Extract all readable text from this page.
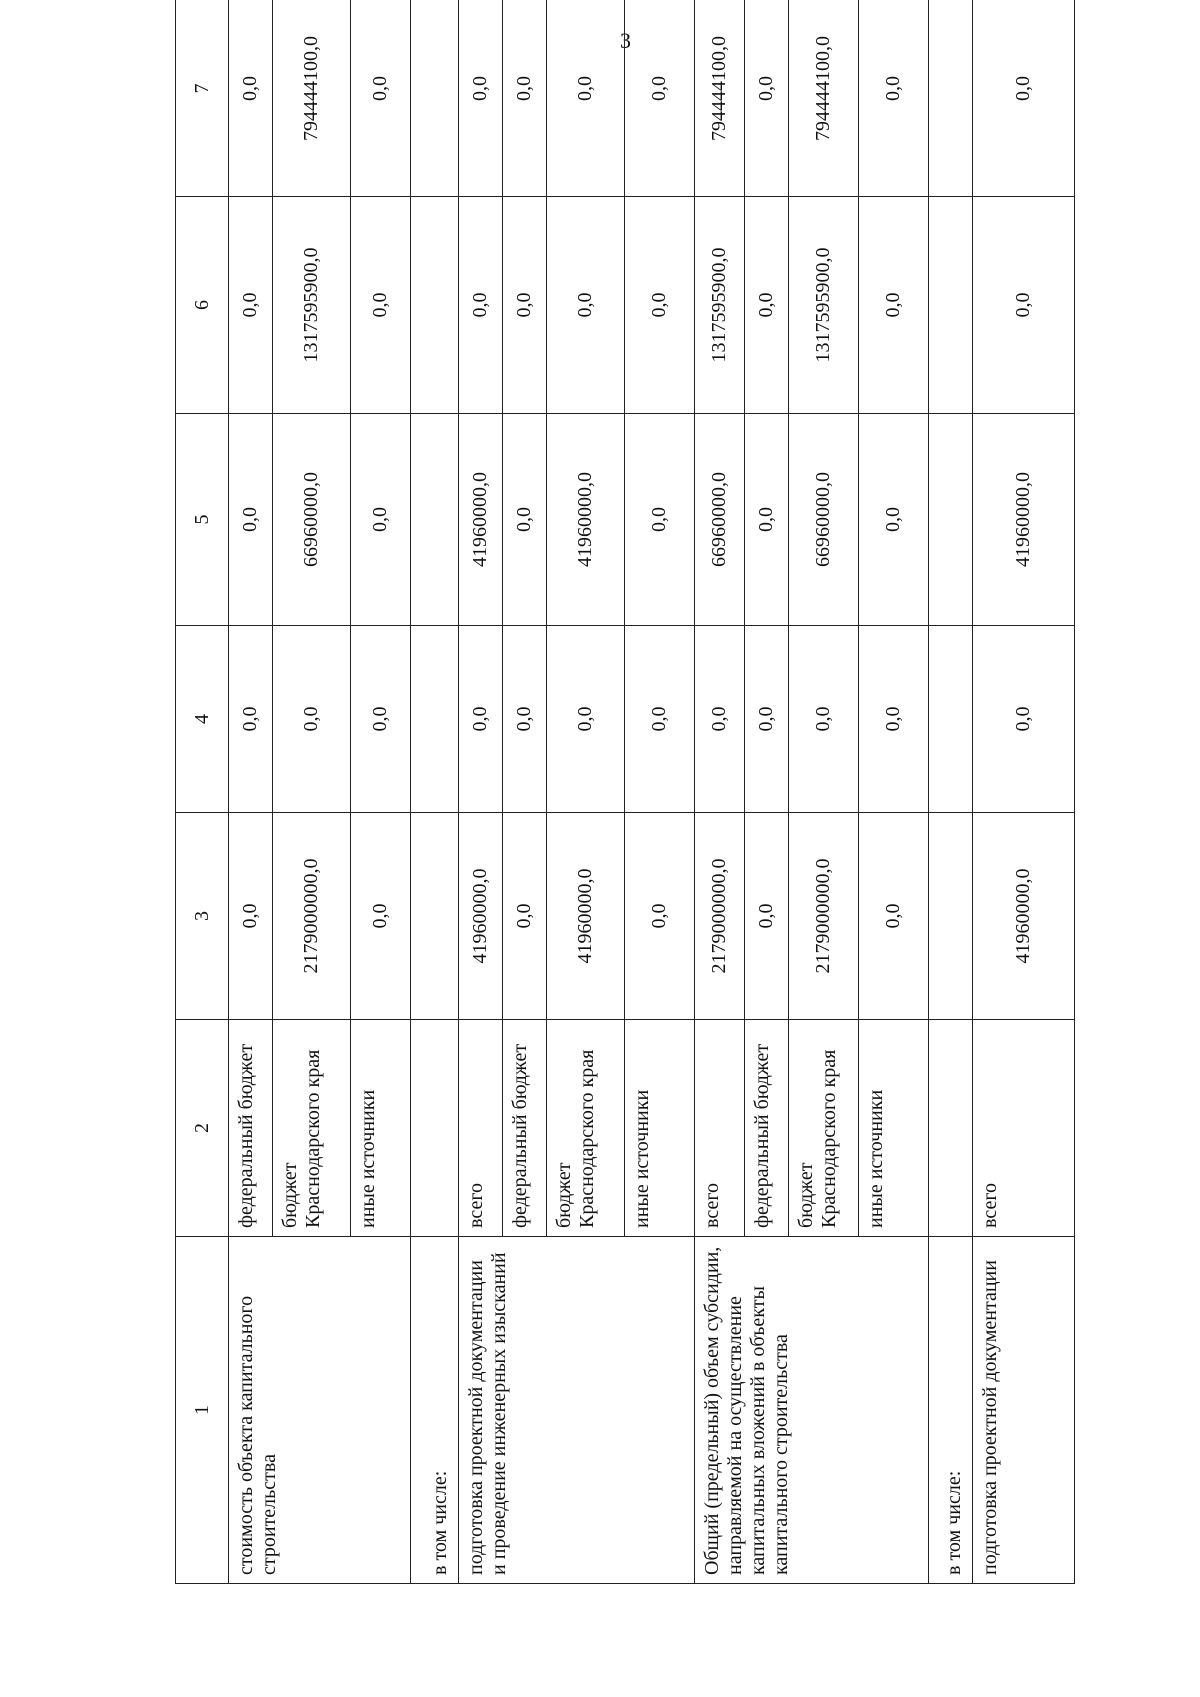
3
1	2	3	4	5	6	7
стоимость объекта капитального строительства	федеральный бюджет	0,0	0,0	0,0	0,0	0,0
	бюджет Краснодарского края	2179000000,0	0,0	66960000,0	1317595900,0	794444100,0
	иные источники	0,0	0,0	0,0	0,0	0,0
в том числе:						
подготовка проектной документации и проведение инженерных изысканий	всего	41960000,0	0,0	41960000,0	0,0	0,0
	федеральный бюджет	0,0	0,0	0,0	0,0	0,0
	бюджет Краснодарского края	41960000,0	0,0	41960000,0	0,0	0,0
	иные источники	0,0	0,0	0,0	0,0	0,0
Общий (предельный) объем субсидии, направляемой на осуществление капитальных вложений в объекты капитального строительства	всего	2179000000,0	0,0	66960000,0	1317595900,0	794444100,0
	федеральный бюджет	0,0	0,0	0,0	0,0	0,0
	бюджет Краснодарского края	2179000000,0	0,0	66960000,0	1317595900,0	794444100,0
	иные источники	0,0	0,0	0,0	0,0	0,0
в том числе:						
подготовка проектной документации	всего	41960000,0	0,0	41960000,0	0,0	0,0
